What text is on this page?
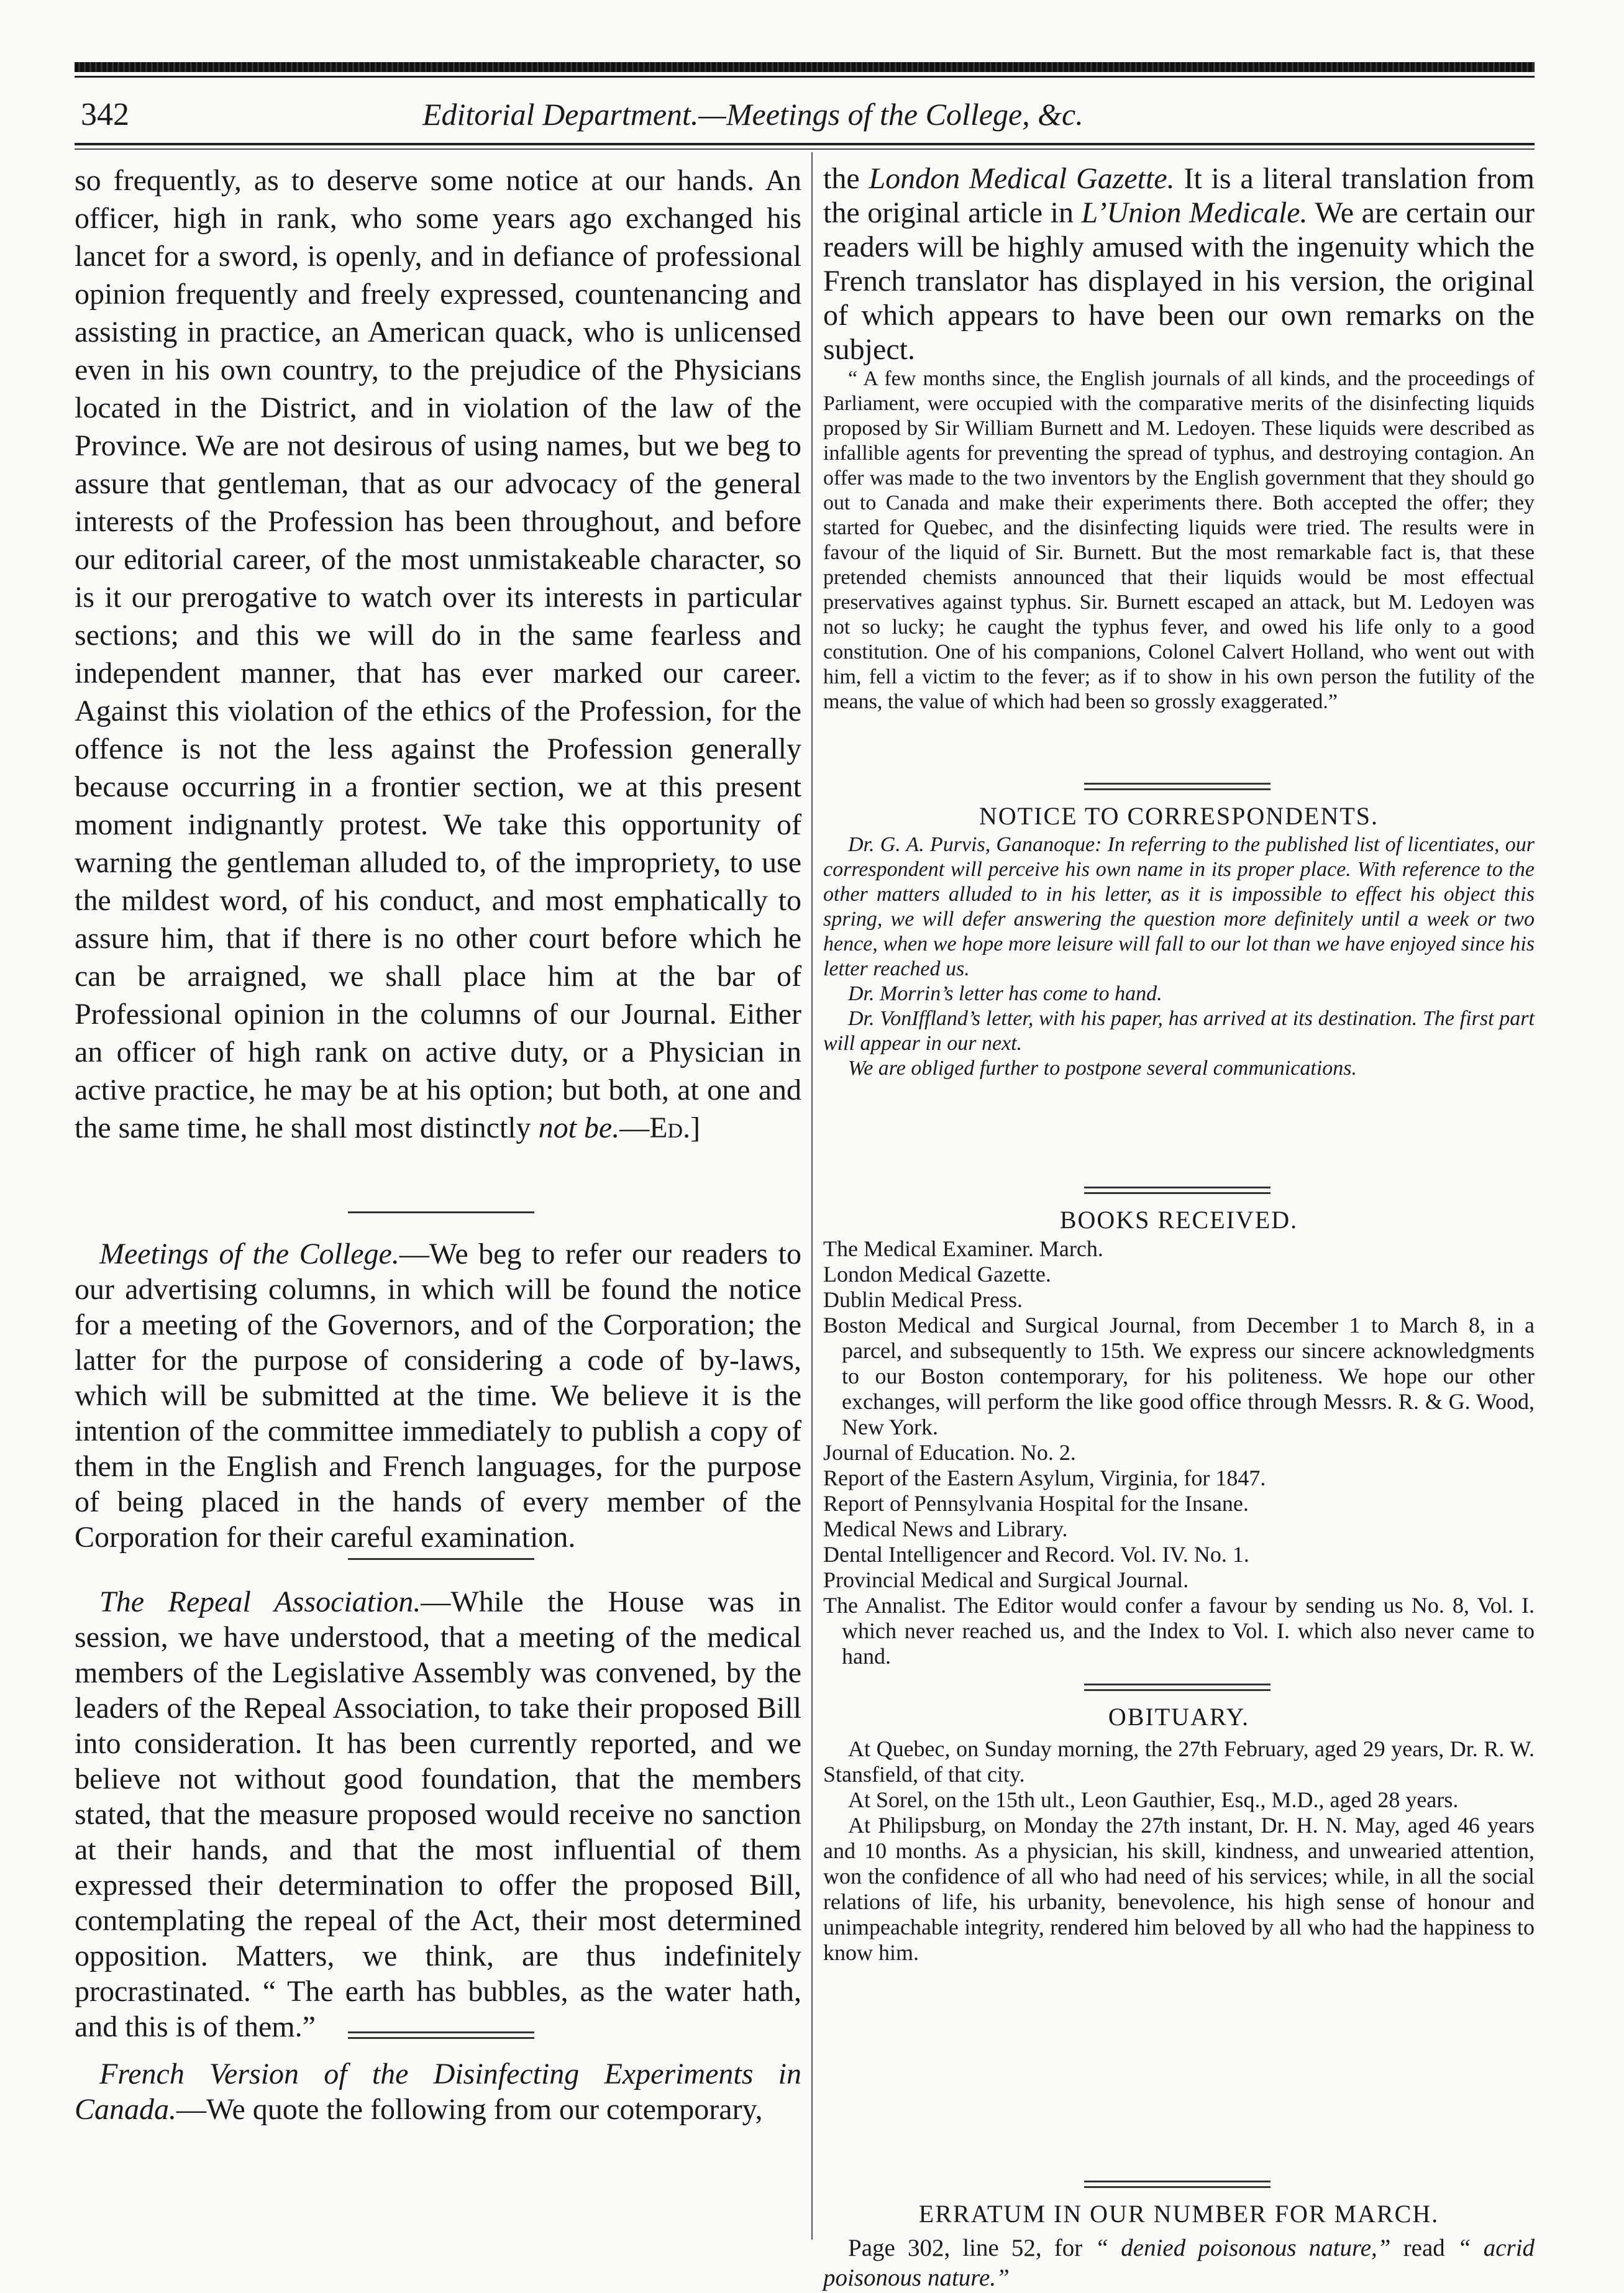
342	Editorial Department.—Meetings of the College, &c.
so frequently, as to deserve some notice at our hands. An officer, high in rank, who some years ago exchanged his lancet for a sword, is openly, and in defiance of professional opinion frequently and freely expressed, countenancing and assisting in practice, an American quack, who is unlicensed even in his own country, to the prejudice of the Physicians located in the District, and in violation of the law of the Province. We are not desirous of using names, but we beg to assure that gentleman, that as our advocacy of the general interests of the Profession has been throughout, and before our editorial career, of the most unmistakeable character, so is it our prerogative to watch over its interests in particular sections; and this we will do in the same fearless and independent manner, that has ever marked our career. Against this violation of the ethics of the Profession, for the offence is not the less against the Profession generally because occurring in a frontier section, we at this present moment indignantly protest. We take this opportunity of warning the gentleman alluded to, of the impropriety, to use the mildest word, of his conduct, and most emphatically to assure him, that if there is no other court before which he can be arraigned, we shall place him at the bar of Professional opinion in the columns of our Journal. Either an officer of high rank on active duty, or a Physician in active practice, he may be at his option; but both, at one and the same time, he shall most distinctly not be.—Ed.]
Meetings of the College.—We beg to refer our readers to our advertising columns, in which will be found the notice for a meeting of the Governors, and of the Corporation; the latter for the purpose of considering a code of by-laws, which will be submitted at the time. We believe it is the intention of the committee immediately to publish a copy of them in the English and French languages, for the purpose of being placed in the hands of every member of the Corporation for their careful examination.
The Repeal Association.—While the House was in session, we have understood, that a meeting of the medical members of the Legislative Assembly was convened, by the leaders of the Repeal Association, to take their proposed Bill into consideration. It has been currently reported, and we believe not without good foundation, that the members stated, that the measure proposed would receive no sanction at their hands, and that the most influential of them expressed their determination to offer the proposed Bill, contemplating the repeal of the Act, their most determined opposition. Matters, we think, are thus indefinitely procrastinated. “ The earth has bubbles, as the water hath, and this is of them.”
French Version of the Disinfecting Experiments in Canada.—We quote the following from our cotemporary,
the London Medical Gazette. It is a literal translation from the original article in L’Union Medicale. We are certain our readers will be highly amused with the ingenuity which the French translator has displayed in his version, the original of which appears to have been our own remarks on the subject.
“ A few months since, the English journals of all kinds, and the proceedings of Parliament, were occupied with the comparative merits of the disinfecting liquids proposed by Sir William Burnett and M. Ledoyen. These liquids were described as infallible agents for preventing the spread of typhus, and destroying contagion. An offer was made to the two inventors by the English government that they should go out to Canada and make their experiments there. Both accepted the offer; they started for Quebec, and the disinfecting liquids were tried. The results were in favour of the liquid of Sir. Burnett. But the most remarkable fact is, that these pretended chemists announced that their liquids would be most effectual preservatives against typhus. Sir. Burnett escaped an attack, but M. Ledoyen was not so lucky; he caught the typhus fever, and owed his life only to a good constitution. One of his companions, Colonel Calvert Holland, who went out with him, fell a victim to the fever; as if to show in his own person the futility of the means, the value of which had been so grossly exaggerated.”
NOTICE TO CORRESPONDENTS.

Dr. G. A. Purvis, Gananoque: In referring to the published list of licentiates, our correspondent will perceive his own name in its proper place. With reference to the other matters alluded to in his letter, as it is impossible to effect his object this spring, we will defer answering the question more definitely until a week or two hence, when we hope more leisure will fall to our lot than we have enjoyed since his letter reached us.

Dr. Morrin’s letter has come to hand.

Dr. VonIffland’s letter, with his paper, has arrived at its destination. The first part will appear in our next.

We are obliged further to postpone several communications.

BOOKS RECEIVED.

The Medical Examiner. March.

London Medical Gazette.

Dublin Medical Press.

Boston Medical and Surgical Journal, from December 1 to March 8, in a parcel, and subsequently to 15th. We express our sincere acknowledgments to our Boston contemporary, for his politeness. We hope our other exchanges, will perform the like good office through Messrs. R. & G. Wood, New York.

Journal of Education. No. 2.

Report of the Eastern Asylum, Virginia, for 1847.

Report of Pennsylvania Hospital for the Insane.

Medical News and Library.

Dental Intelligencer and Record. Vol. IV. No. 1.

Provincial Medical and Surgical Journal.

The Annalist. The Editor would confer a favour by sending us No. 8, Vol. I. which never reached us, and the Index to Vol. I. which also never came to hand.

OBITUARY.

At Quebec, on Sunday morning, the 27th February, aged 29 years, Dr. R. W. Stansfield, of that city.

At Sorel, on the 15th ult., Leon Gauthier, Esq., M.D., aged 28 years.

At Philipsburg, on Monday the 27th instant, Dr. H. N. May, aged 46 years and 10 months. As a physician, his skill, kindness, and unwearied attention, won the confidence of all who had need of his services; while, in all the social relations of life, his urbanity, benevolence, his high sense of honour and unimpeachable integrity, rendered him beloved by all who had the happiness to know him.

ERRATUM IN OUR NUMBER FOR MARCH.
Page 302, line 52, for “ denied poisonous nature,” read “ acrid poisonous nature.”
